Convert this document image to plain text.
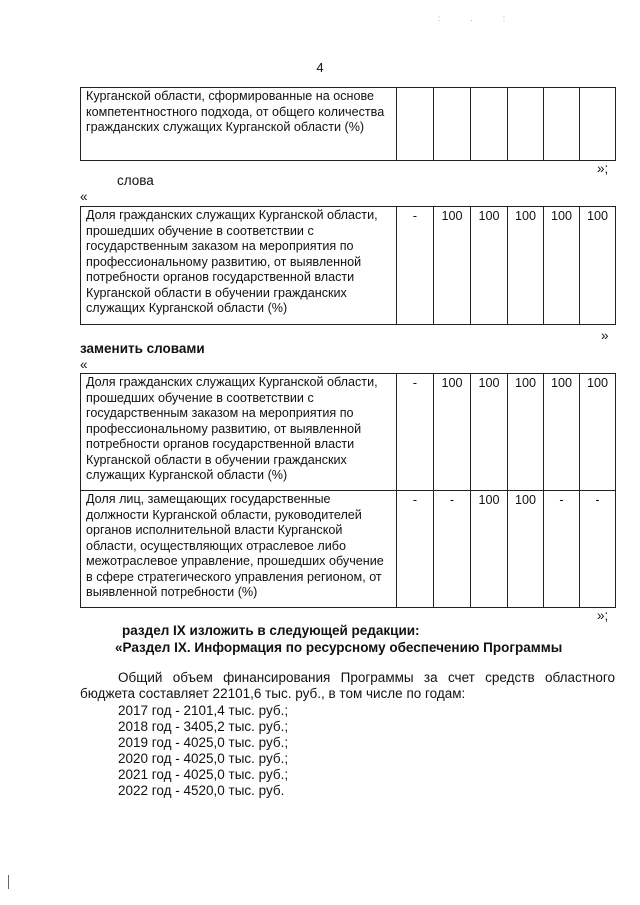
: . :
4
Курганской области, сформированные на основе компетентностного подхода, от общего количества гражданских служащих Курганской области (%)						
»;
слова
«
Доля гражданских служащих Курганской области, прошедших обучение в соответствии с государственным заказом на мероприятия по профессиональному развитию, от выявленной потребности органов государственной власти Курганской области в обучении гражданских служащих Курганской области (%)	-	100	100	100	100	100
»
заменить словами
«
Доля гражданских служащих Курганской области, прошедших обучение в соответствии с государственным заказом на мероприятия по профессиональному развитию, от выявленной потребности органов государственной власти Курганской области в обучении гражданских служащих Курганской области (%)	-	100	100	100	100	100
Доля лиц, замещающих государственные должности Курганской области, руководителей органов исполнительной власти Курганской области, осуществляющих отраслевое либо межотраслевое управление, прошедших обучение в сфере стратегического управления регионом, от выявленной потребности (%)	-	-	100	100	-	-
»;
раздел IX изложить в следующей редакции:
«Раздел IX. Информация по ресурсному обеспечению Программы
Общий объем финансирования Программы за счет средств областного
бюджета составляет 22101,6 тыс. руб., в том числе по годам:
2017 год - 2101,4 тыс. руб.;
2018 год - 3405,2 тыс. руб.;
2019 год - 4025,0 тыс. руб.;
2020 год - 4025,0 тыс. руб.;
2021 год - 4025,0 тыс. руб.;
2022 год - 4520,0 тыс. руб.
